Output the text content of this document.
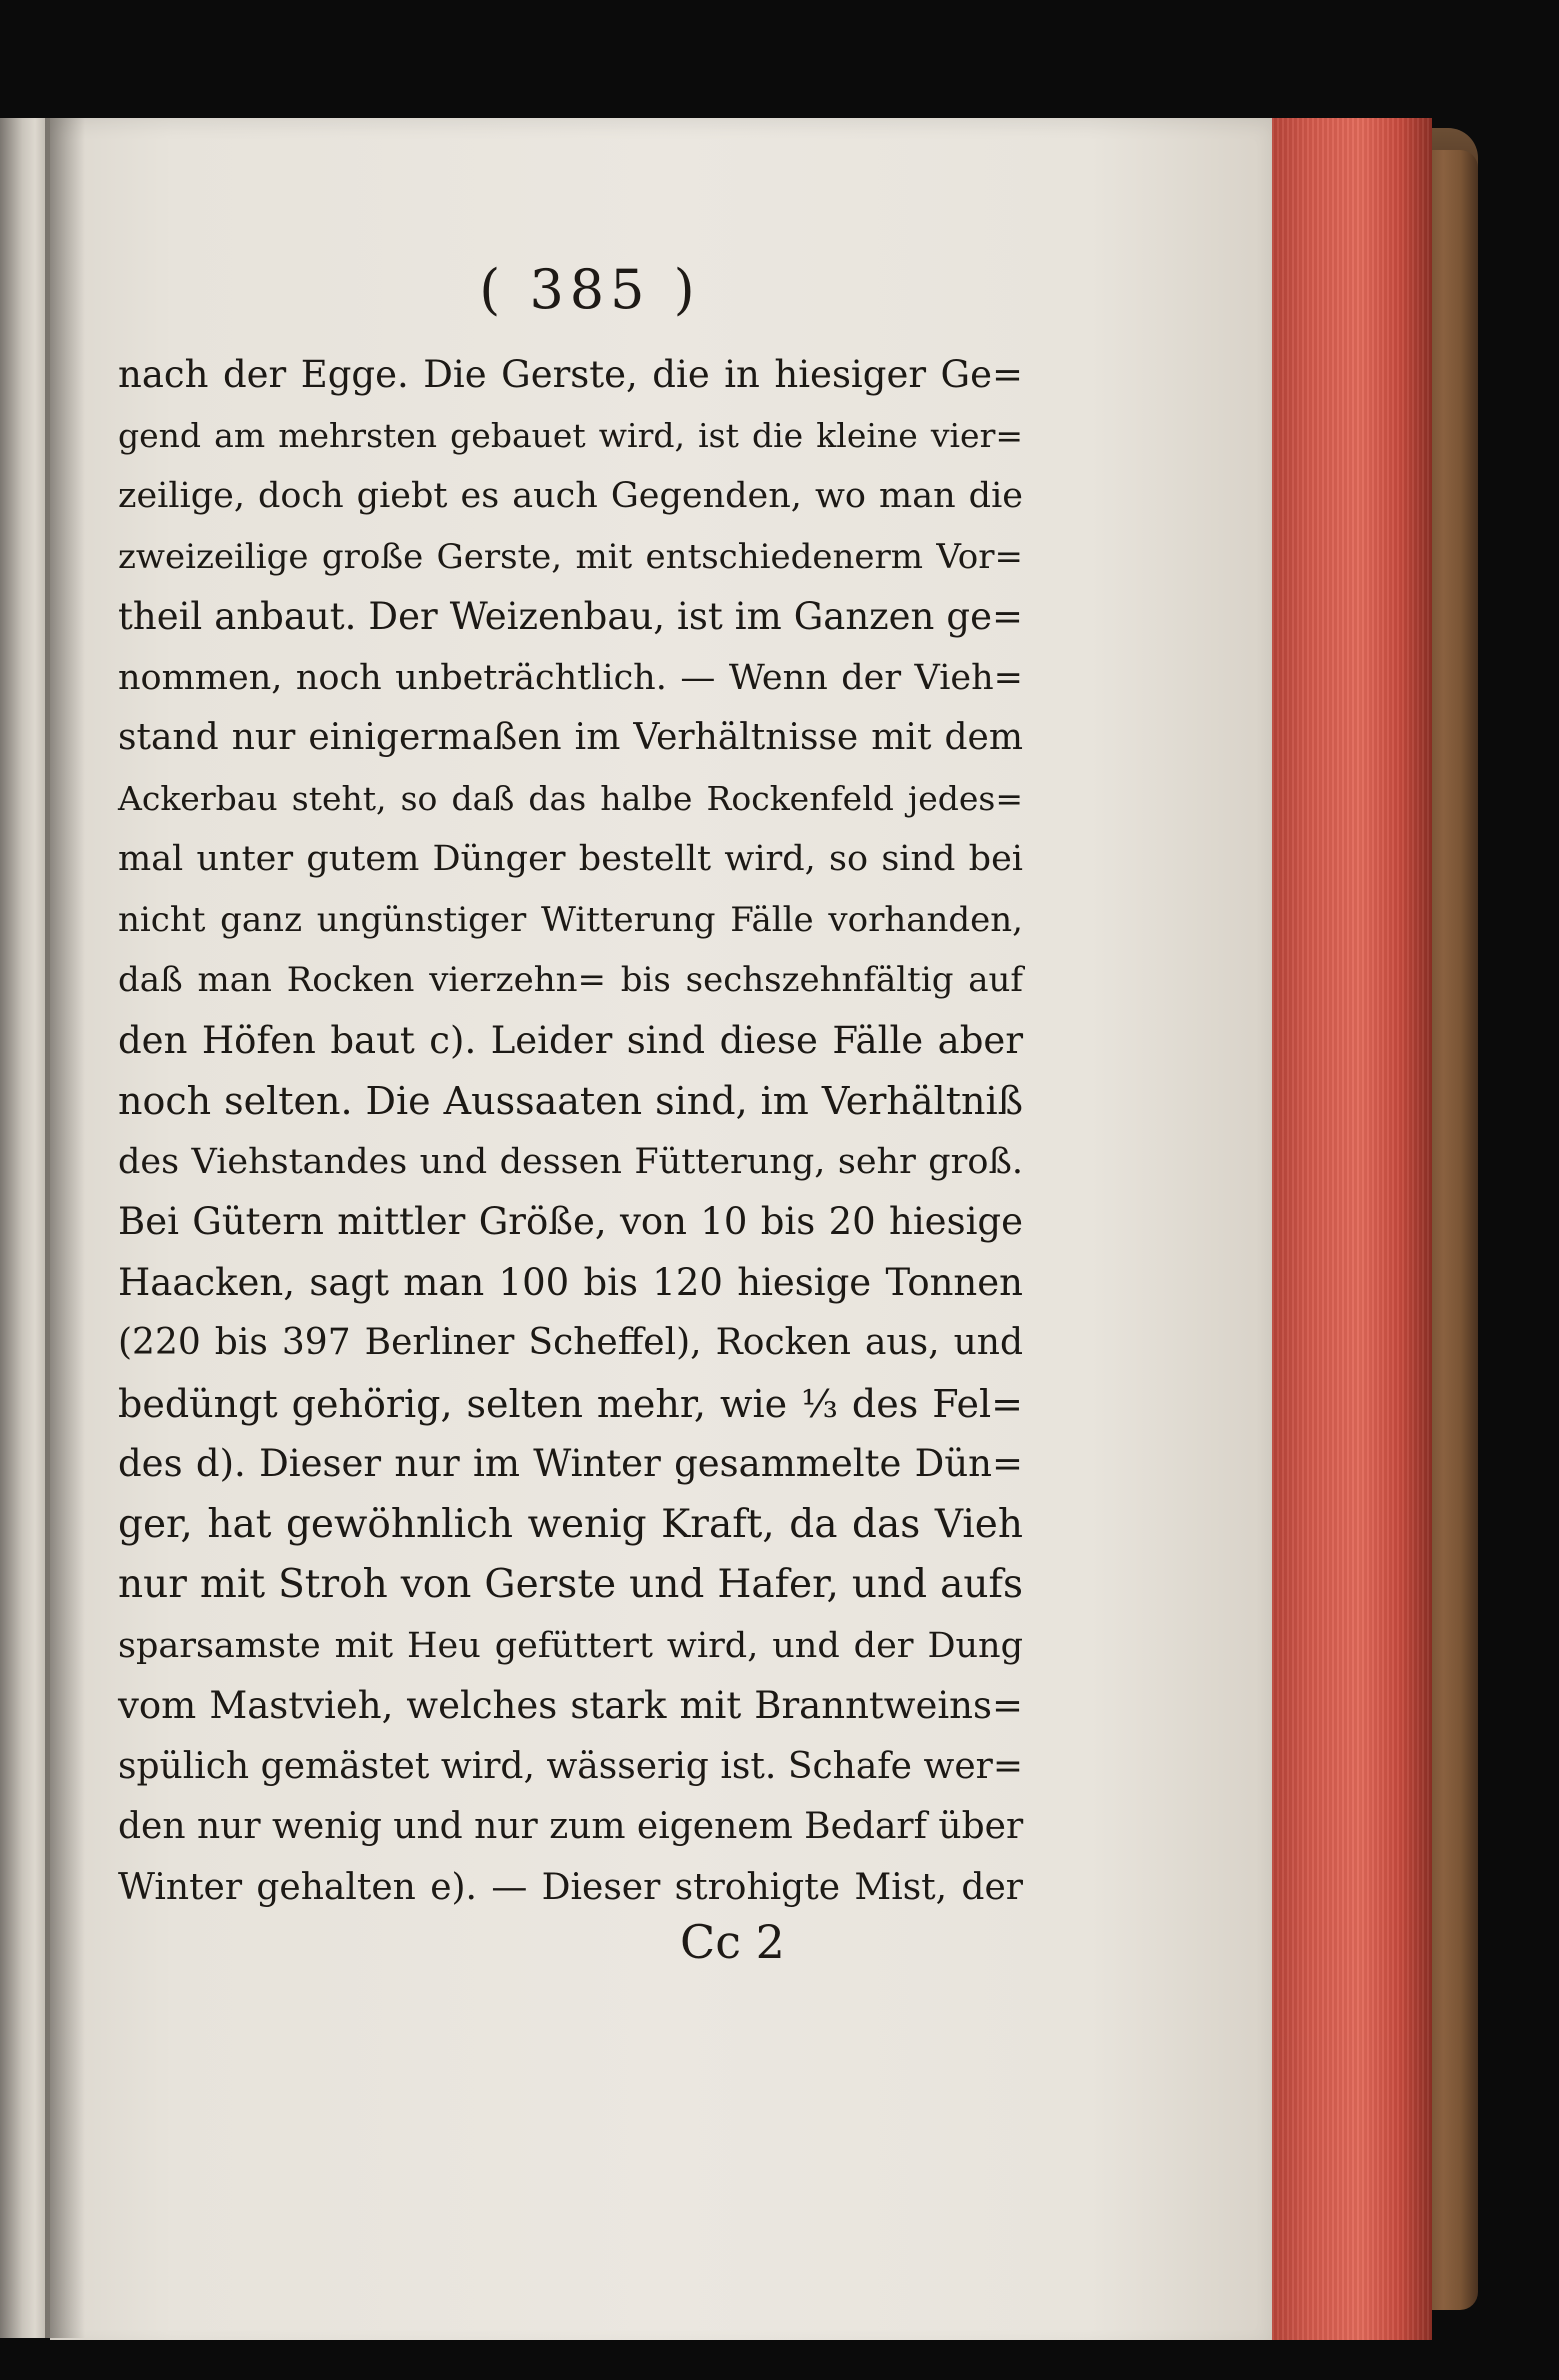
( 385 )
nach der Egge. Die Gerste, die in hiesiger Ge=
gend am mehrsten gebauet wird, ist die kleine vier=
zeilige, doch giebt es auch Gegenden, wo man die
zweizeilige große Gerste, mit entschiedenerm Vor=
theil anbaut. Der Weizenbau, ist im Ganzen ge=
nommen, noch unbeträchtlich. — Wenn der Vieh=
stand nur einigermaßen im Verhältnisse mit dem
Ackerbau steht, so daß das halbe Rockenfeld jedes=
mal unter gutem Dünger bestellt wird, so sind bei
nicht ganz ungünstiger Witterung Fälle vorhanden,
daß man Rocken vierzehn= bis sechszehnfältig auf
den Höfen baut c). Leider sind diese Fälle aber
noch selten. Die Aussaaten sind, im Verhältniß
des Viehstandes und dessen Fütterung, sehr groß.
Bei Gütern mittler Größe, von 10 bis 20 hiesige
Haacken, sagt man 100 bis 120 hiesige Tonnen
(220 bis 397 Berliner Scheffel), Rocken aus, und
bedüngt gehörig, selten mehr, wie ⅓ des Fel=
des d). Dieser nur im Winter gesammelte Dün=
ger, hat gewöhnlich wenig Kraft, da das Vieh
nur mit Stroh von Gerste und Hafer, und aufs
sparsamste mit Heu gefüttert wird, und der Dung
vom Mastvieh, welches stark mit Branntweins=
spülich gemästet wird, wässerig ist. Schafe wer=
den nur wenig und nur zum eigenem Bedarf über
Winter gehalten e). — Dieser strohigte Mist, der
Cc 2
